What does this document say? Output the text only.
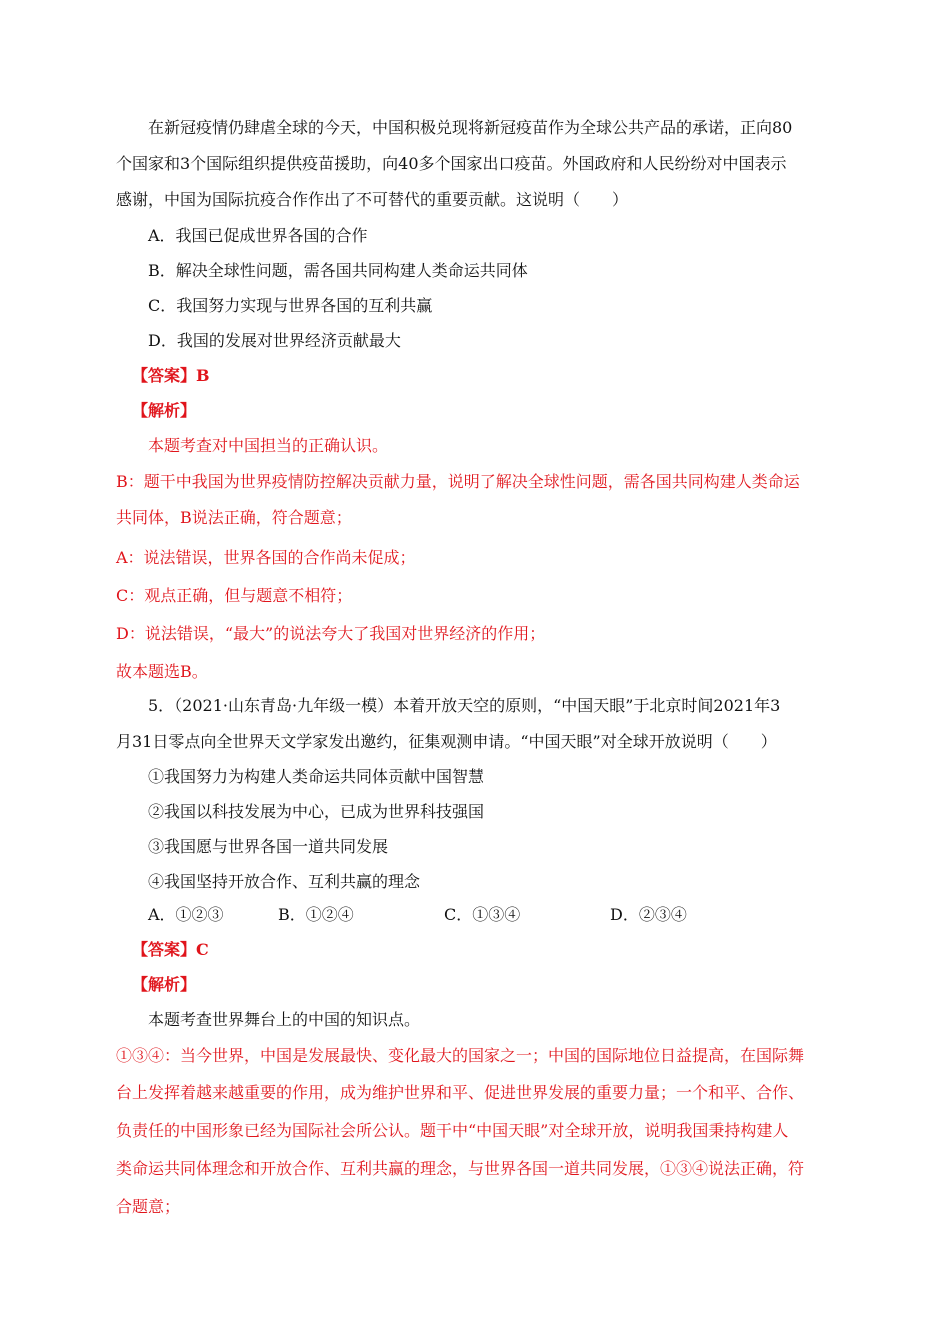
在新冠疫情仍肆虐全球的今天，中国积极兑现将新冠疫苗作为全球公共产品的承诺，正向80
个国家和3个国际组织提供疫苗援助，向40多个国家出口疫苗。外国政府和人民纷纷对中国表示
感谢，中国为国际抗疫合作作出了不可替代的重要贡献。这说明（　　）
A．我国已促成世界各国的合作
B．解决全球性问题，需各国共同构建人类命运共同体
C．我国努力实现与世界各国的互利共赢
D．我国的发展对世界经济贡献最大
【答案】B
【解析】
本题考查对中国担当的正确认识。
B：题干中我国为世界疫情防控解决贡献力量，说明了解决全球性问题，需各国共同构建人类命运
共同体，B说法正确，符合题意；
A：说法错误，世界各国的合作尚未促成；
C：观点正确，但与题意不相符；
D：说法错误，“最大”的说法夸大了我国对世界经济的作用；
故本题选B。
5．（2021·山东青岛·九年级一模）本着开放天空的原则，“中国天眼”于北京时间2021年3
月31日零点向全世界天文学家发出邀约，征集观测申请。“中国天眼”对全球开放说明（　　）
①我国努力为构建人类命运共同体贡献中国智慧
②我国以科技发展为中心，已成为世界科技强国
③我国愿与世界各国一道共同发展
④我国坚持开放合作、互利共赢的理念
A．①②③	B．①②④	C．①③④	D．②③④
【答案】C
【解析】
本题考查世界舞台上的中国的知识点。
①③④：当今世界，中国是发展最快、变化最大的国家之一；中国的国际地位日益提高，在国际舞
台上发挥着越来越重要的作用，成为维护世界和平、促进世界发展的重要力量；一个和平、合作、
负责任的中国形象已经为国际社会所公认。题干中“中国天眼”对全球开放，说明我国秉持构建人
类命运共同体理念和开放合作、互利共赢的理念，与世界各国一道共同发展，①③④说法正确，符
合题意；
